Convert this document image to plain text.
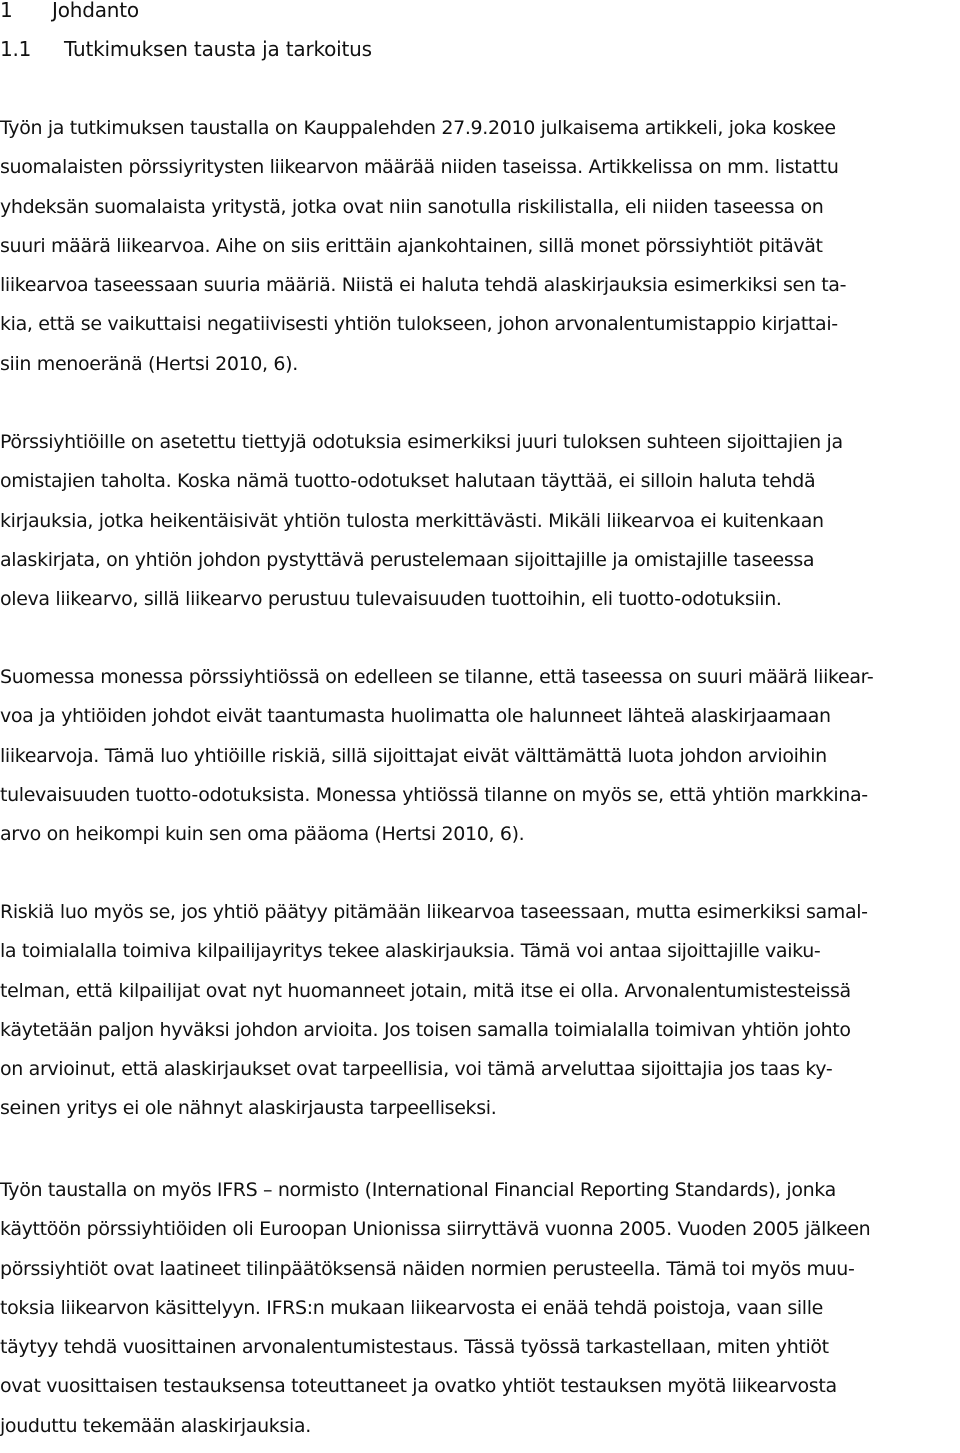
1 Johdanto
1.1 Tutkimuksen tausta ja tarkoitus
Työn ja tutkimuksen taustalla on Kauppalehden 27.9.2010 julkaisema artikkeli, joka koskee
suomalaisten pörssiyritysten liikearvon määrää niiden taseissa. Artikkelissa on mm. listattu
yhdeksän suomalaista yritystä, jotka ovat niin sanotulla riskilistalla, eli niiden taseessa on
suuri määrä liikearvoa. Aihe on siis erittäin ajankohtainen, sillä monet pörssiyhtiöt pitävät
liikearvoa taseessaan suuria määriä. Niistä ei haluta tehdä alaskirjauksia esimerkiksi sen ta-
kia, että se vaikuttaisi negatiivisesti yhtiön tulokseen, johon arvonalentumistappio kirjattai-
siin menoeränä (Hertsi 2010, 6).
Pörssiyhtiöille on asetettu tiettyjä odotuksia esimerkiksi juuri tuloksen suhteen sijoittajien ja
omistajien taholta. Koska nämä tuotto-odotukset halutaan täyttää, ei silloin haluta tehdä
kirjauksia, jotka heikentäisivät yhtiön tulosta merkittävästi. Mikäli liikearvoa ei kuitenkaan
alaskirjata, on yhtiön johdon pystyttävä perustelemaan sijoittajille ja omistajille taseessa
oleva liikearvo, sillä liikearvo perustuu tulevaisuuden tuottoihin, eli tuotto-odotuksiin.
Suomessa monessa pörssiyhtiössä on edelleen se tilanne, että taseessa on suuri määrä liikear-
voa ja yhtiöiden johdot eivät taantumasta huolimatta ole halunneet lähteä alaskirjaamaan
liikearvoja. Tämä luo yhtiöille riskiä, sillä sijoittajat eivät välttämättä luota johdon arvioihin
tulevaisuuden tuotto-odotuksista. Monessa yhtiössä tilanne on myös se, että yhtiön markkina-
arvo on heikompi kuin sen oma pääoma (Hertsi 2010, 6).
Riskiä luo myös se, jos yhtiö päätyy pitämään liikearvoa taseessaan, mutta esimerkiksi samal-
la toimialalla toimiva kilpailijayritys tekee alaskirjauksia. Tämä voi antaa sijoittajille vaiku-
telman, että kilpailijat ovat nyt huomanneet jotain, mitä itse ei olla. Arvonalentumistesteissä
käytetään paljon hyväksi johdon arvioita. Jos toisen samalla toimialalla toimivan yhtiön johto
on arvioinut, että alaskirjaukset ovat tarpeellisia, voi tämä arveluttaa sijoittajia jos taas ky-
seinen yritys ei ole nähnyt alaskirjausta tarpeelliseksi.
Työn taustalla on myös IFRS – normisto (International Financial Reporting Standards), jonka
käyttöön pörssiyhtiöiden oli Euroopan Unionissa siirryttävä vuonna 2005. Vuoden 2005 jälkeen
pörssiyhtiöt ovat laatineet tilinpäätöksensä näiden normien perusteella. Tämä toi myös muu-
toksia liikearvon käsittelyyn. IFRS:n mukaan liikearvosta ei enää tehdä poistoja, vaan sille
täytyy tehdä vuosittainen arvonalentumistestaus. Tässä työssä tarkastellaan, miten yhtiöt
ovat vuosittaisen testauksensa toteuttaneet ja ovatko yhtiöt testauksen myötä liikearvosta
jouduttu tekemään alaskirjauksia.
